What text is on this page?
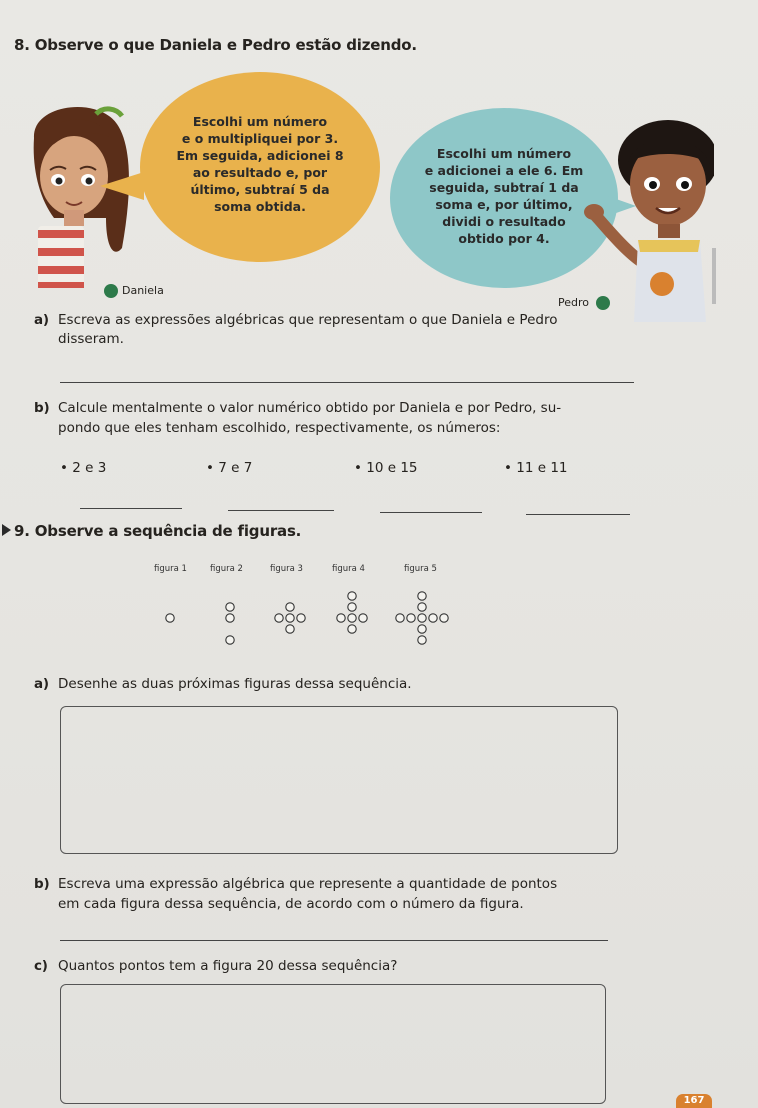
8. Observe o que Daniela e Pedro estão dizendo.
Escolhi um número
e o multipliquei por 3.
Em seguida, adicionei 8
ao resultado e, por
último, subtraí 5 da
soma obtida.
Escolhi um número
e adicionei a ele 6. Em
seguida, subtraí 1 da
soma e, por último,
dividi o resultado
obtido por 4.
Daniela
Pedro
a) Escreva as expressões algébricas que representam o que Daniela e Pedro
disseram.
b) Calcule mentalmente o valor numérico obtido por Daniela e por Pedro, su-
pondo que eles tenham escolhido, respectivamente, os números:
• 2 e 3	• 7 e 7	• 10 e 15	• 11 e 11
9. Observe a sequência de figuras.
figura 1	figura 2	figura 3	figura 4	figura 5
a) Desenhe as duas próximas figuras dessa sequência.
b) Escreva uma expressão algébrica que represente a quantidade de pontos
em cada figura dessa sequência, de acordo com o número da figura.
c) Quantos pontos tem a figura 20 dessa sequência?
167
